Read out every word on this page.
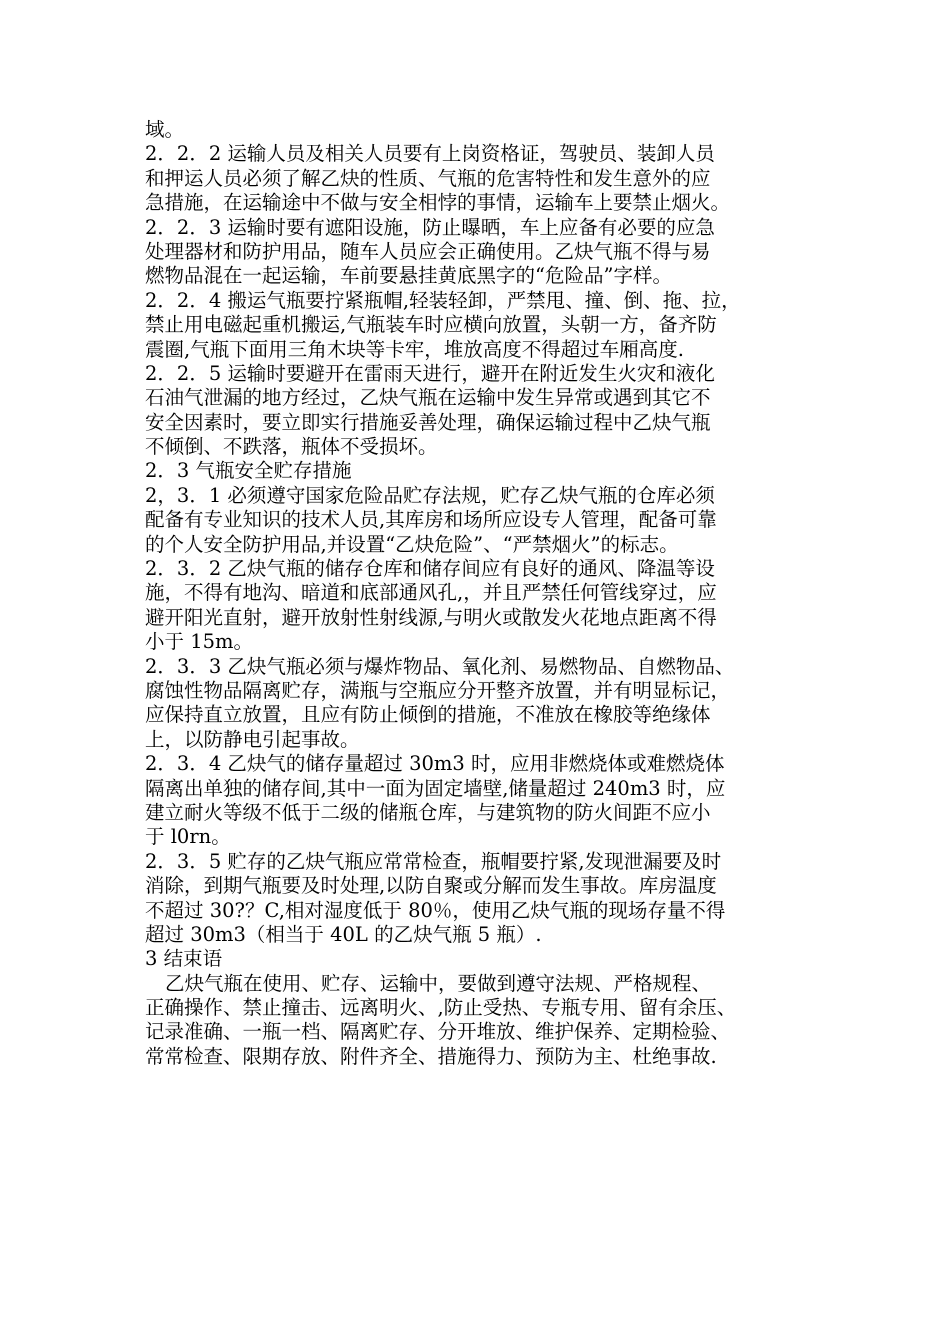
域。
2．2．2 运输人员及相关人员要有上岗资格证，驾驶员、装卸人员
和押运人员必须了解乙炔的性质、气瓶的危害特性和发生意外的应
急措施，在运输途中不做与安全相悖的事情，运输车上要禁止烟火。
2．2．3 运输时要有遮阳设施，防止曝晒，车上应备有必要的应急
处理器材和防护用品，随车人员应会正确使用。乙炔气瓶不得与易
燃物品混在一起运输，车前要悬挂黄底黑字的“危险品”字样。
2．2．4 搬运气瓶要拧紧瓶帽,轻装轻卸，严禁甩、撞、倒、拖、拉，
禁止用电磁起重机搬运,气瓶装车时应横向放置，头朝一方，备齐防
震圈,气瓶下面用三角木块等卡牢，堆放高度不得超过车厢高度.
2．2．5 运输时要避开在雷雨天进行，避开在附近发生火灾和液化
石油气泄漏的地方经过，乙炔气瓶在运输中发生异常或遇到其它不
安全因素时，要立即实行措施妥善处理，确保运输过程中乙炔气瓶
不倾倒、不跌落，瓶体不受损坏。
2．3 气瓶安全贮存措施
2，3．1 必须遵守国家危险品贮存法规，贮存乙炔气瓶的仓库必须
配备有专业知识的技术人员,其库房和场所应设专人管理，配备可靠
的个人安全防护用品,并设置“乙炔危险”、“严禁烟火”的标志。
2．3．2 乙炔气瓶的储存仓库和储存间应有良好的通风、降温等设
施，不得有地沟、暗道和底部通风孔,，并且严禁任何管线穿过，应
避开阳光直射，避开放射性射线源,与明火或散发火花地点距离不得
小于 15m。
2．3．3 乙炔气瓶必须与爆炸物品、氧化剂、易燃物品、自燃物品、
腐蚀性物品隔离贮存，满瓶与空瓶应分开整齐放置，并有明显标记，
应保持直立放置，且应有防止倾倒的措施，不准放在橡胶等绝缘体
上，以防静电引起事故。
2．3．4 乙炔气的储存量超过 30m3 时，应用非燃烧体或难燃烧体
隔离出单独的储存间,其中一面为固定墙壁,储量超过 240m3 时，应
建立耐火等级不低于二级的储瓶仓库，与建筑物的防火间距不应小
于 l0rn。
2．3．5 贮存的乙炔气瓶应常常检查，瓶帽要拧紧,发现泄漏要及时
消除，到期气瓶要及时处理,以防自聚或分解而发生事故。库房温度
不超过 30?？C,相对湿度低于 80％，使用乙炔气瓶的现场存量不得
超过 30m3（相当于 40L 的乙炔气瓶 5 瓶）.
3 结束语
乙炔气瓶在使用、贮存、运输中，要做到遵守法规、严格规程、
正确操作、禁止撞击、远离明火、,防止受热、专瓶专用、留有余压、
记录准确、一瓶一档、隔离贮存、分开堆放、维护保养、定期检验、
常常检查、限期存放、附件齐全、措施得力、预防为主、杜绝事故.
